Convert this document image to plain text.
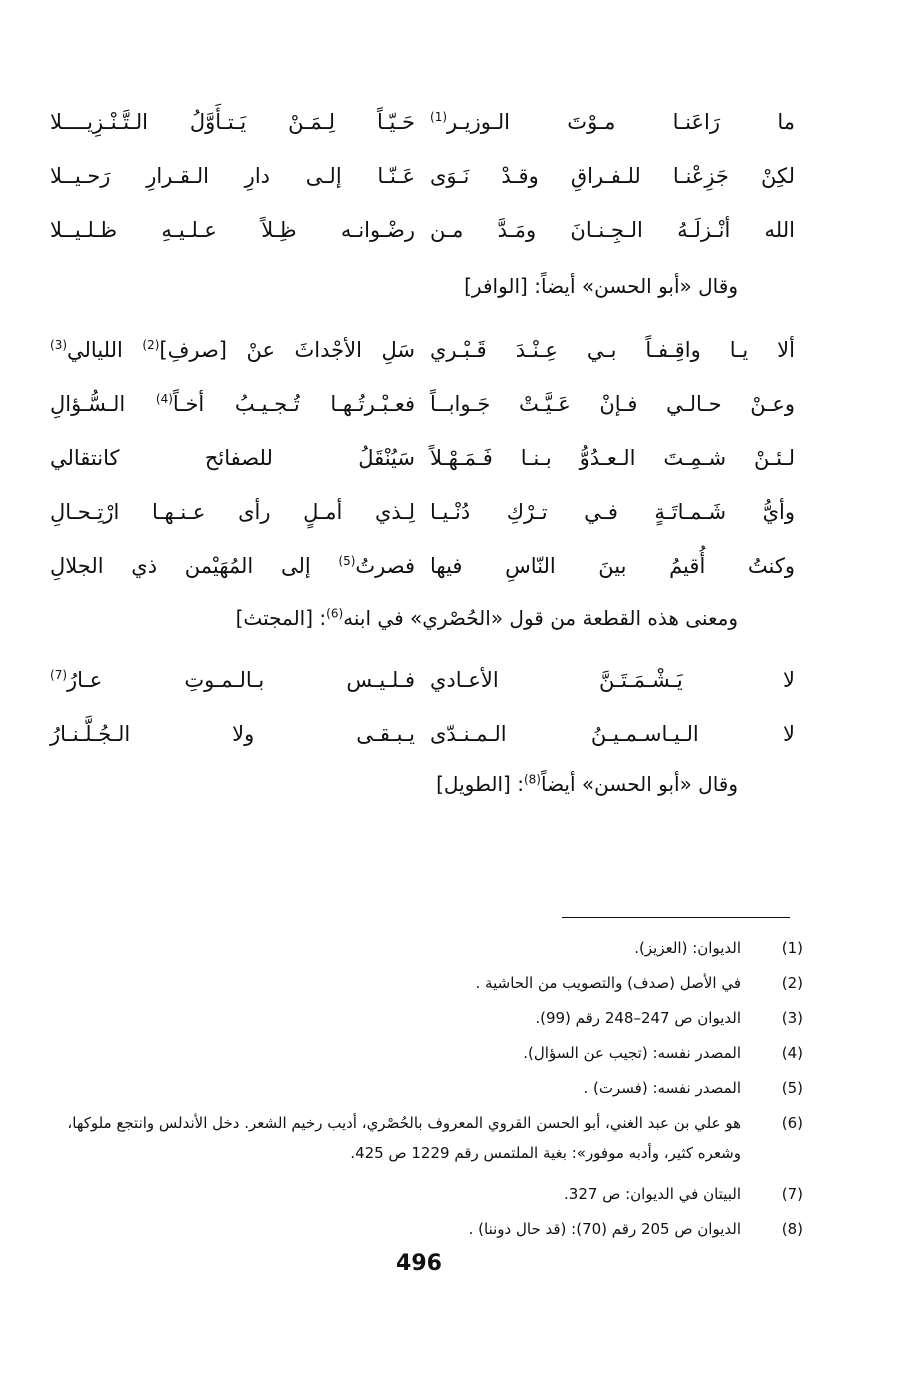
ما رَاعَنـا مـوْتَ الـوزيـر$^{(1)}$
حَـيّـاً لِـمَـنْ يَـتـأَوَّلُ الـتَّـنْـزِيــــلا
لكِنْ جَزِعْنـا للـفـراقِ وقـدْ نَـوَى
عَـنّـا إلـى دارِ الـقـرارِ رَحـيــلا
الله أنْـزلَـهُ الـجِـنـانَ ومَـدَّ مـن
رضْـوانـه ظِـلاً عـلـيـهِ ظـلـيــلا
وقال «أبو الحسن» أيضاً: [الوافر]
ألا يـا واقِـفـاً بـي عِـنْـدَ قَـبْـري
سَلِ الأجْداثَ عنْ [صرفِ]$^{(2)}$ الليالي$^{(3)}$
وعـنْ حـالـي فـإنْ عَـيَّـتْ جَـوابــاً
فعـبْـرتُـهـا تُـجـيـبُ أخـاً$^{(4)}$ الـسُّـؤالِ
لـئـنْ شـمِـتَ الـعـدُوُّ بـنـا فَـمَـهْـلاً
سَيُنْقَلُ للصفائح كانتقالي
وأيُّ شَـمـاتَـةٍ فـي تـرْكِ دُنْـيـا
لِـذي أمـلٍ رأى عـنـهـا ارْتِـحـالِ
وكنتُ أُقيمُ بينَ النّاسِ فيها
فصرتُ$^{(5)}$ إلى المُهَيْمن ذي الجلالِ
ومعنى هذه القطعة من قول «الحُصْري» في ابنه$^{(6)}$: [المجتث]
لا يَـشْـمَـتَـنَّ الأعـادي
فـلـيـس بـالـمـوتِ عـارُ$^{(7)}$
لا الـيـاسـمـيـنُ الـمـنـدّى
يـبـقـى ولا الـجُـلَّـنـارُ
وقال «أبو الحسن» أيضاً$^{(8)}$: [الطويل]
(1)
الديوان: (العزيز).
(2)
في الأصل (صدف) والتصويب من الحاشية .
(3)
الديوان ص 247–248 رقم (99).
(4)
المصدر نفسه: (تجيب عن السؤال).
(5)
المصدر نفسه: (فسرت) .
(6)
هو علي بن عبد الغني، أبو الحسن القروي المعروف بالحُصْري، أديب رخيم الشعر. دخل الأندلس وانتجع ملوكها، وشعره كثير، وأدبه موفور»: بغية الملتمس رقم 1229 ص 425.
(7)
البيتان في الديوان: ص 327.
(8)
الديوان ص 205 رقم (70): (قد حال دوننا) .
496
